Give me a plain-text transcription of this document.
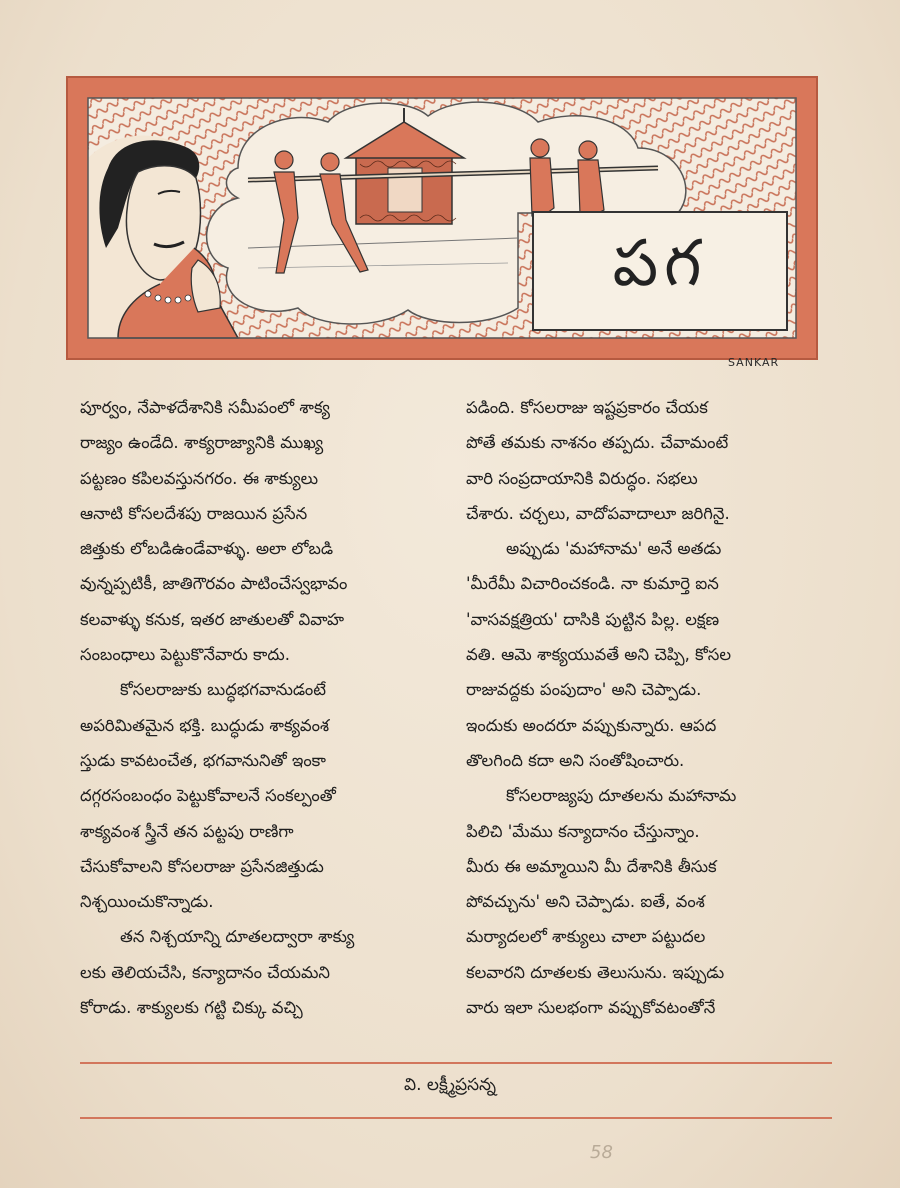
పగ
SANKAR

పూర్వం, నేపాళదేశానికి సమీపంలో శాక్య
రాజ్యం ఉండేది. శాక్యరాజ్యానికి ముఖ్య
పట్టణం కపిలవస్తునగరం. ఈ శాక్యులు
ఆనాటి కోసలదేశపు రాజయిన ప్రసేన
జిత్తుకు లోబడిఉండేవాళ్ళు. అలా లోబడి
వున్నప్పటికీ, జాతిగౌరవం పాటించేస్వభావం
కలవాళ్ళు కనుక, ఇతర జాతులతో వివాహ
సంబంధాలు పెట్టుకొనేవారు కాదు.

కోసలరాజుకు బుద్ధభగవానుడంటే
అపరిమితమైన భక్తి. బుద్ధుడు శాక్యవంశ
స్తుడు కావటంచేత, భగవానునితో ఇంకా
దగ్గరసంబంధం పెట్టుకోవాలనే సంకల్పంతో
శాక్యవంశ స్త్రీనే తన పట్టపు రాణిగా
చేసుకోవాలని కోసలరాజు ప్రసేనజిత్తుడు
నిశ్చయించుకొన్నాడు.

తన నిశ్చయాన్ని దూతలద్వారా శాక్యు
లకు తెలియచేసి, కన్యాదానం చేయమని
కోరాడు. శాక్యులకు గట్టి చిక్కు వచ్చి

పడింది. కోసలరాజు ఇష్టప్రకారం చేయక
పోతే తమకు నాశనం తప్పదు. చేవామంటే
వారి సంప్రదాయానికి విరుద్ధం. సభలు
చేశారు. చర్చలు, వాదోపవాదాలూ జరిగినై.

అప్పుడు 'మహానామ' అనే అతడు
'మీరేమీ విచారించకండి. నా కుమార్తె ఐన
'వాసవక్షత్రియ' దాసికి పుట్టిన పిల్ల. లక్షణ
వతి. ఆమె శాక్యయువతే అని చెప్పి, కోసల
రాజువద్దకు పంపుదాం' అని చెప్పాడు.
ఇందుకు అందరూ వప్పుకున్నారు. ఆపద
తొలగింది కదా అని సంతోషించారు.

కోసలరాజ్యపు దూతలను మహానామ
పిలిచి 'మేము కన్యాదానం చేస్తున్నాం.
మీరు ఈ అమ్మాయిని మీ దేశానికి తీసుక
పోవచ్చును' అని చెప్పాడు. ఐతే, వంశ
మర్యాదలలో శాక్యులు చాలా పట్టుదల
కలవారని దూతలకు తెలుసును. ఇప్పుడు
వారు ఇలా సులభంగా వప్పుకోవటంతోనే

వి. లక్ష్మీప్రసన్న
58
